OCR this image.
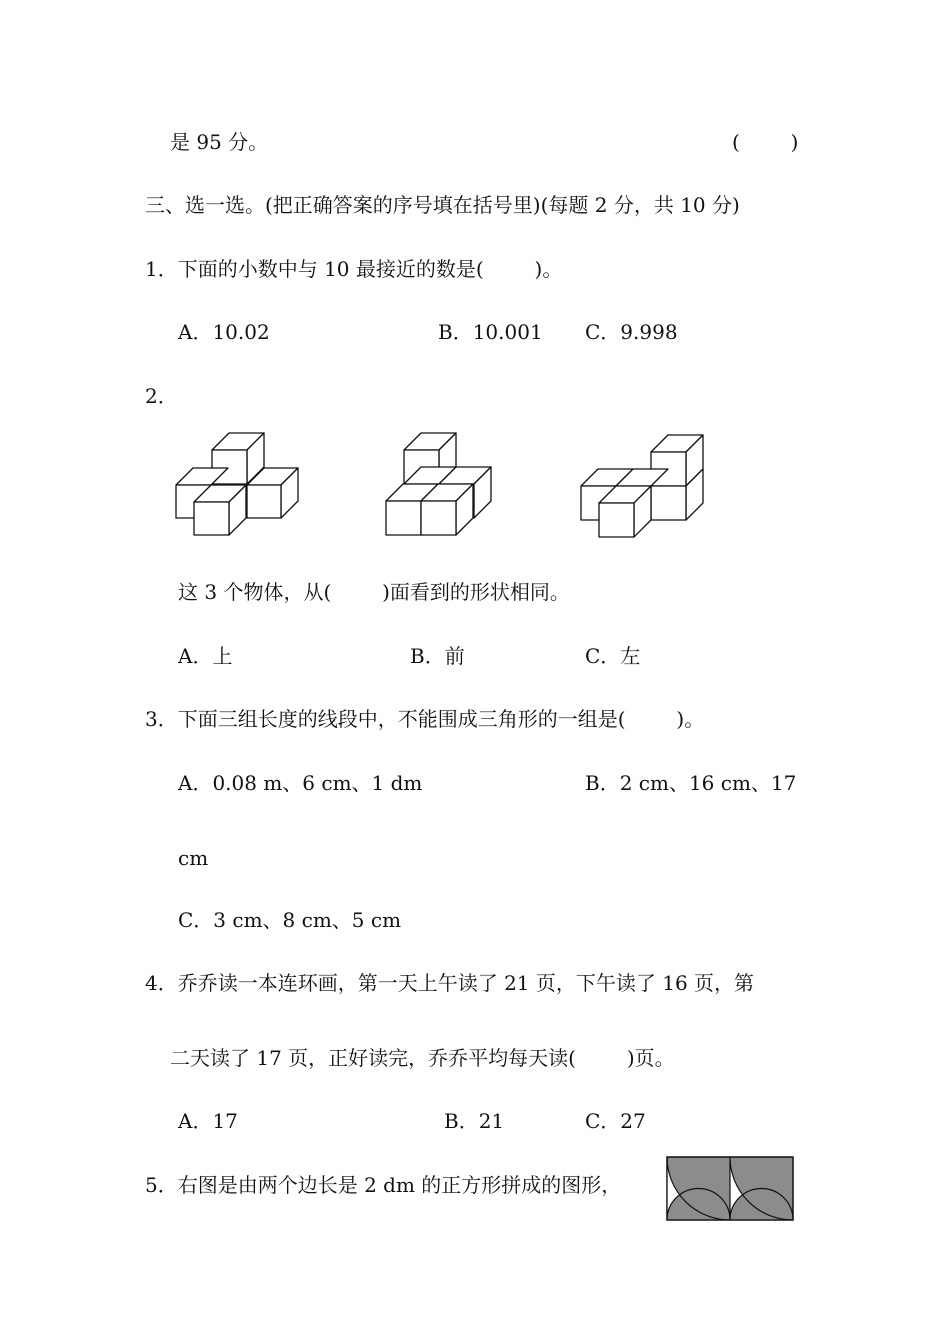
是 95 分。	(        )
三、选一选。(把正确答案的序号填在括号里)(每题 2 分，共 10 分)
1．下面的小数中与 10 最接近的数是(        )。
A．10.02	B．10.001 C．9.998
2．
这 3 个物体，从(        )面看到的形状相同。
A．上	B．前	C．左
3．下面三组长度的线段中，不能围成三角形的一组是(        )。
A．0.08 m、6 cm、1 dm	B．2 cm、16 cm、17
cm
C．3 cm、8 cm、5 cm
4．乔乔读一本连环画，第一天上午读了 21 页，下午读了 16 页，第
二天读了 17 页，正好读完，乔乔平均每天读(        )页。
A．17	B．21	C．27
5．右图是由两个边长是 2 dm 的正方形拼成的图形，
